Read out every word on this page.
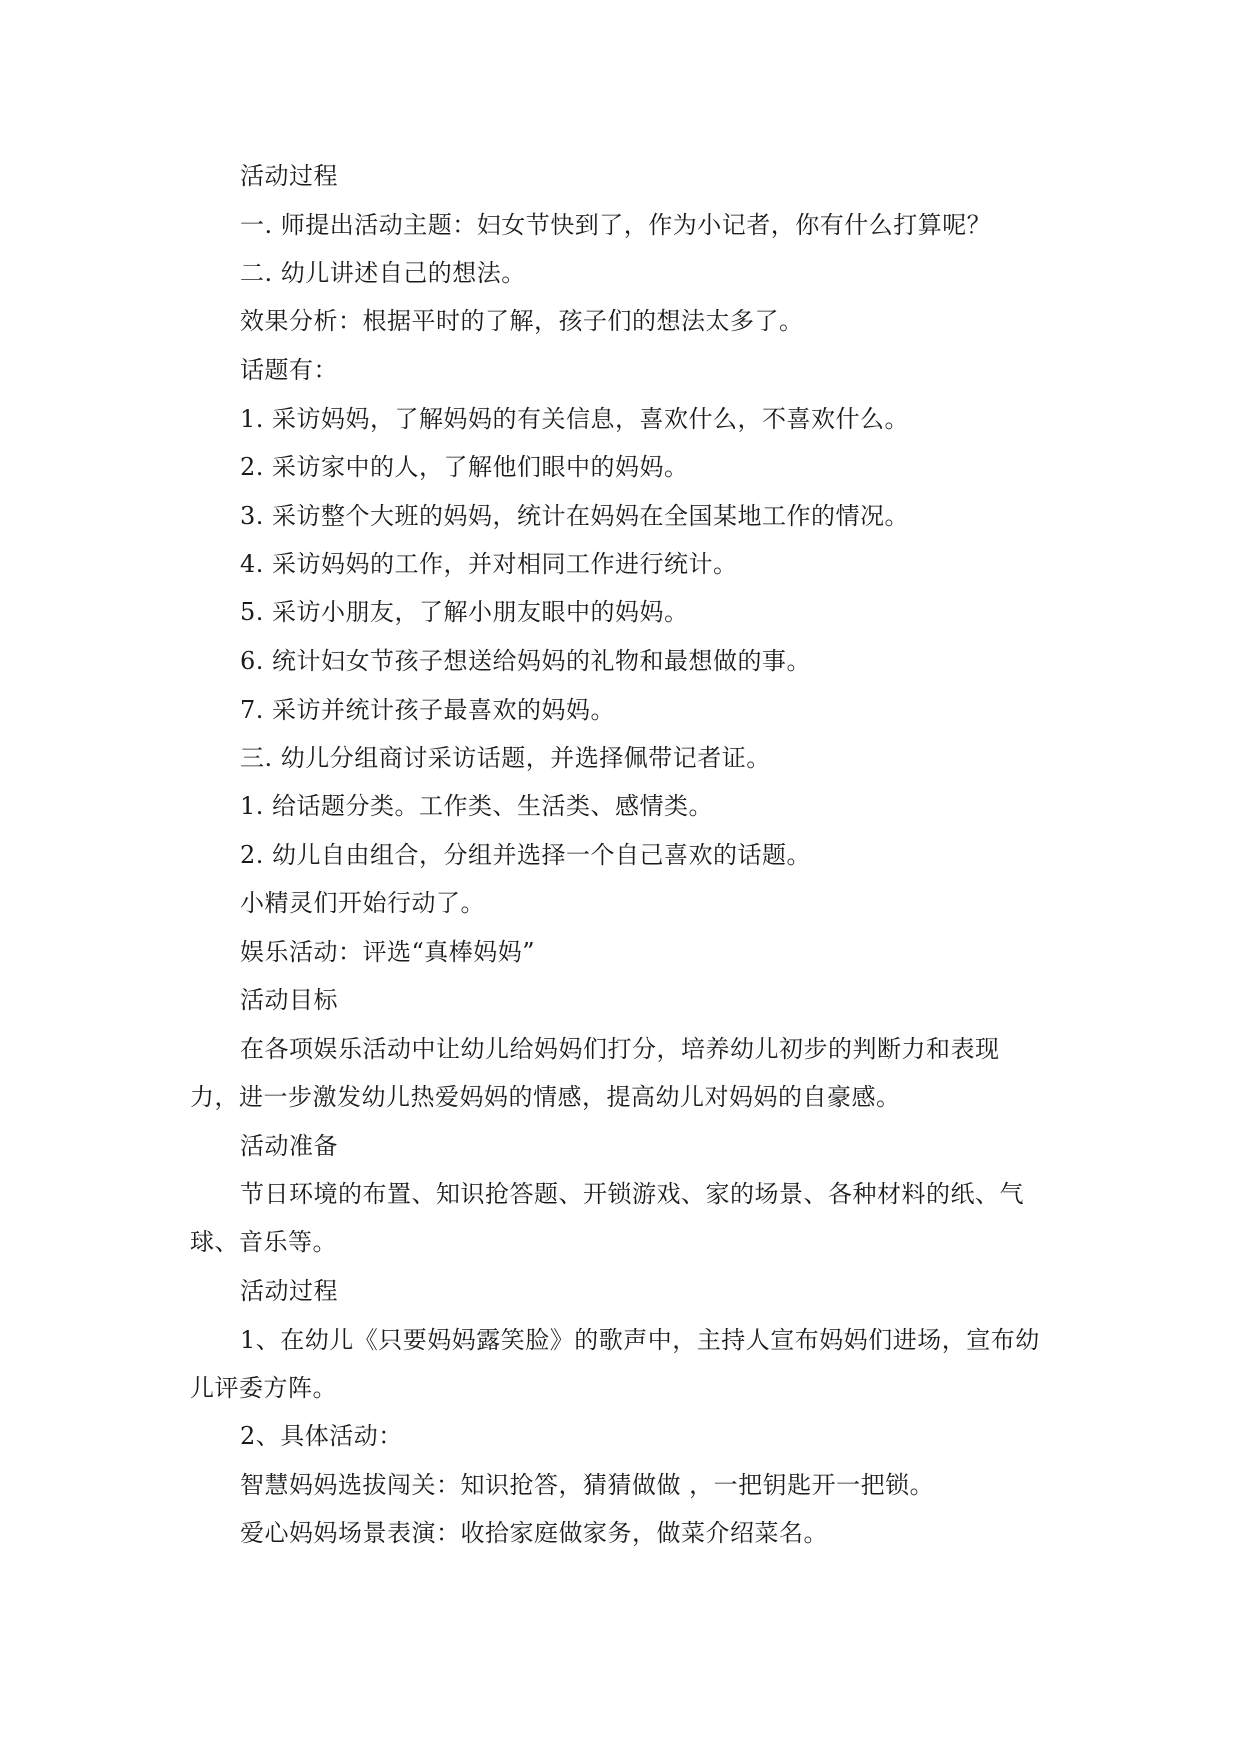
活动过程

一. 师提出活动主题：妇女节快到了，作为小记者，你有什么打算呢？

二. 幼儿讲述自己的想法。

效果分析：根据平时的了解，孩子们的想法太多了。

话题有：

1. 采访妈妈，了解妈妈的有关信息，喜欢什么，不喜欢什么。

2. 采访家中的人，了解他们眼中的妈妈。

3. 采访整个大班的妈妈，统计在妈妈在全国某地工作的情况。

4. 采访妈妈的工作，并对相同工作进行统计。

5. 采访小朋友，了解小朋友眼中的妈妈。

6. 统计妇女节孩子想送给妈妈的礼物和最想做的事。

7. 采访并统计孩子最喜欢的妈妈。

三. 幼儿分组商讨采访话题，并选择佩带记者证。

1. 给话题分类。工作类、生活类、感情类。

2. 幼儿自由组合，分组并选择一个自己喜欢的话题。

小精灵们开始行动了。

娱乐活动：评选“真棒妈妈”

活动目标

在各项娱乐活动中让幼儿给妈妈们打分，培养幼儿初步的判断力和表现

力，进一步激发幼儿热爱妈妈的情感，提高幼儿对妈妈的自豪感。

活动准备

节日环境的布置、知识抢答题、开锁游戏、家的场景、各种材料的纸、气

球、音乐等。

活动过程

1、在幼儿《只要妈妈露笑脸》的歌声中，主持人宣布妈妈们进场，宣布幼

儿评委方阵。

2、具体活动：

智慧妈妈选拔闯关：知识抢答，猜猜做做 ，一把钥匙开一把锁。

爱心妈妈场景表演：收拾家庭做家务，做菜介绍菜名。
